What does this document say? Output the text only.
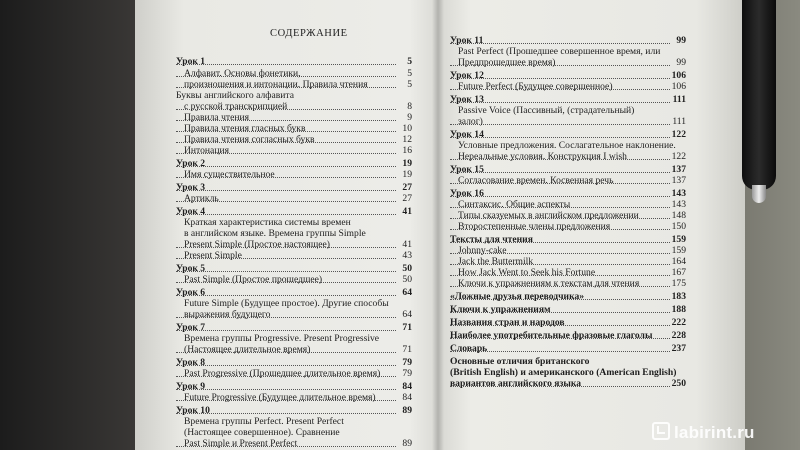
СОДЕРЖАНИЕ
Урок 1	5
Алфавит. Основы фонетики,	5
произношения и интонации. Правила чтения	5
Буквы английского алфавита
с русской транскрипцией	8
Правила чтения	9
Правила чтения гласных букв	10
Правила чтения согласных букв	12
Интонация	16
Урок 2	19
Имя существительное	19
Урок 3	27
Артикль	27
Урок 4	41
Краткая характеристика системы времен
в английском языке. Времена группы Simple
Present Simple (Простое настоящее)	41
Present Simple	43
Урок 5	50
Past Simple (Простое прошедшее)	50
Урок 6	64
Future Simple (Будущее простое). Другие способы
выражения будущего	64
Урок 7	71
Времена группы Progressive. Present Progressive
(Настоящее длительное время)	71
Урок 8	79
Past Progressive (Прошедшее длительное время) 79
Урок 9	84
Future Progressive (Будущее длительное время)	84
Урок 10	89
Времена группы Perfect. Present Perfect
(Настоящее совершенное). Сравнение
Past Simple и Present Perfect	89
Урок 11	99
Past Perfect (Прошедшее совершенное время, или
Предпрошедшее время)	99
Урок 12	106
Future Perfect (Будущее совершенное)	106
Урок 13	111
Passive Voice (Пассивный, (страдательный)
залог)	111
Урок 14	122
Условные предложения. Сослагательное наклонение.
Нереальные условия. Конструкция I wish	122
Урок 15	137
Согласование времен. Косвенная речь	137
Урок 16	143
Синтаксис. Общие аспекты	143
Типы сказуемых в английском предложении	148
Второстепенные члены предложения	150
Тексты для чтения	159
Johnny-cake	159
Jack the Buttermilk	164
How Jack Went to Seek his Fortune	167
Ключи к упражнениям к текстам для чтения	175
«Ложные друзья переводчика»	183
Ключи к упражнениям	188
Названия стран и народов	222
Наиболее употребительные фразовые глаголы 228
Словарь	237
Основные отличия британского
(British English) и американского (American English)
вариантов английского языка	250
labirint.ru
